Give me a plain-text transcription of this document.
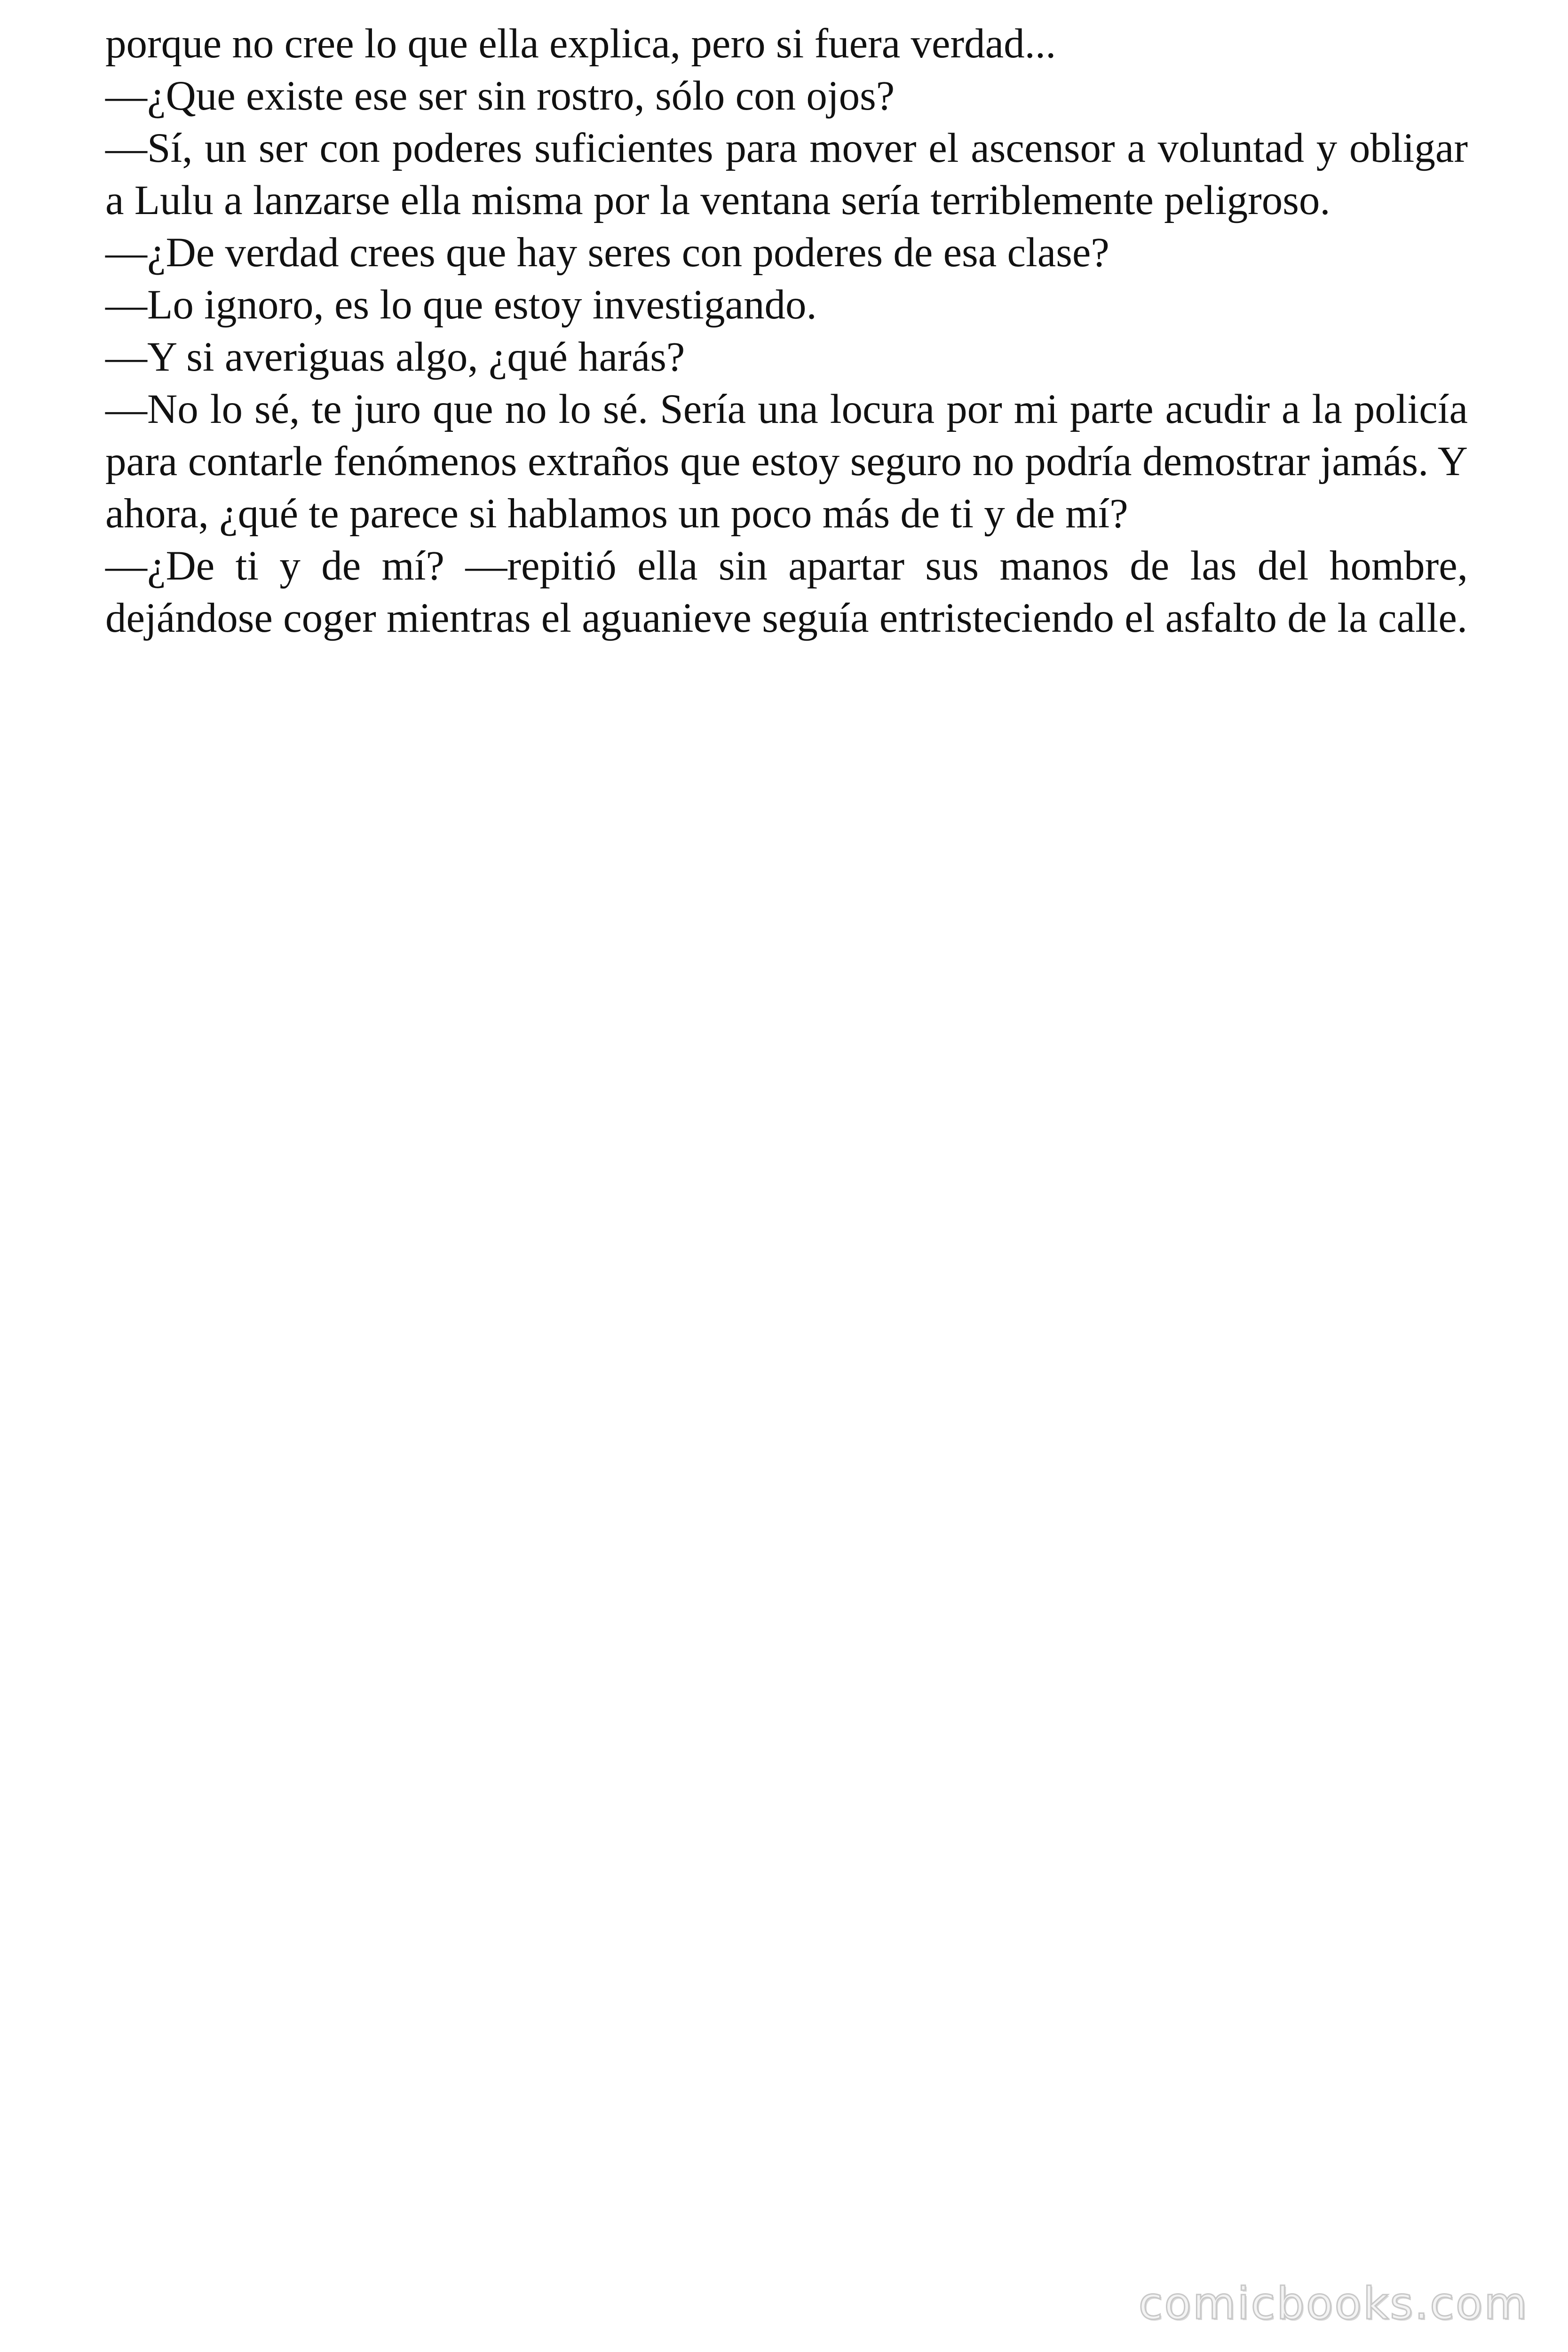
porque no cree lo que ella explica, pero si fuera verdad...

—¿Que existe ese ser sin rostro, sólo con ojos?

—Sí, un ser con poderes suficientes para mover el ascensor a voluntad y obligar a Lulu a lanzarse ella misma por la ventana sería terriblemente peligroso.

—¿De verdad crees que hay seres con poderes de esa clase?

—Lo ignoro, es lo que estoy investigando.

—Y si averiguas algo, ¿qué harás?

—No lo sé, te juro que no lo sé. Sería una locura por mi parte acudir a la policía para contarle fenómenos extraños que estoy seguro no podría demostrar jamás. Y ahora, ¿qué te parece si hablamos un poco más de ti y de mí?

—¿De ti y de mí? —repitió ella sin apartar sus manos de las del hombre, dejándose coger mientras el aguanieve seguía entristeciendo el asfalto de la calle.

comicbooks.com
